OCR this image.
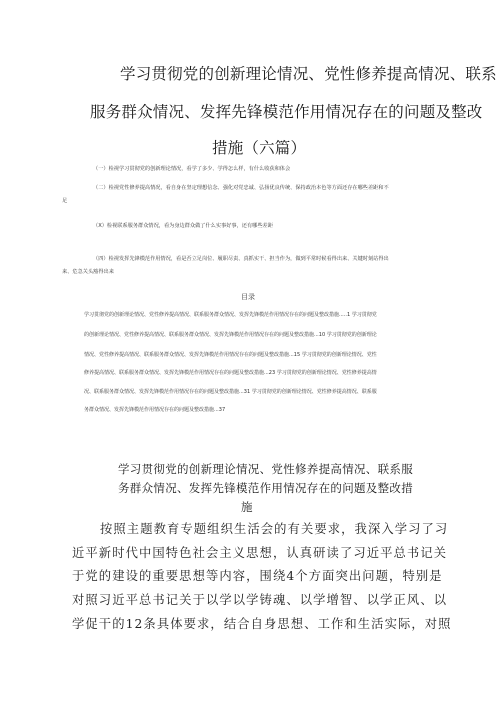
学习贯彻党的创新理论情况、党性修养提高情况、联系
服务群众情况、发挥先锋模范作用情况存在的问题及整改
措施（六篇）
（一）检视学习贯彻党的创新理论情况，看学了多少、学得怎么样，有什么收获和体会
（二）检视党性修养提高情况，看自身在坚定理想信念、强化对党忠诚、弘扬优良传统、保持政治本色等方面还存在哪些差距和不
足
（X）检视联系服务群众情况，看为身边群众做了什么实事好事，还有哪些差距
（四）检视发挥先锋模范作用情况，看是否立足岗位、履职尽责、真抓实干、担当作为，做到平常时候看得出来、关键时刻站得出
来、危急关头豁得出来
目录
学习贯彻党的创新理论情况、党性修养提高情况、联系服务群众情况、发挥先锋模范作用情况存在的问题及整改措施.....1 学习贯彻党
的创新理论情况、党性修养提高情况、联系服务群众情况、发挥先锋模范作用情况存在的问题及整改措施...10 学习贯彻党的创新理论
情况、党性修养提高情况、联系服务群众情况、发挥先锋模范作用情况存在的问题及整改措施...15 学习贯彻党的创新理论情况、党性
修养提高情况、联系服务群众情况、发挥先锋模范作用情况存在的问题及整改措施...23 学习贯彻党的创新理论情况、党性修养提高情
况、联系服务群众情况、发挥先锋模范作用情况存在的问题及整改措施...31 学习贯彻党的创新理论情况、党性修养提高情况、联系服
务群众情况、发挥先锋模范作用情况存在的问题及整改措施...37
学习贯彻党的创新理论情况、党性修养提高情况、联系服
务群众情况、发挥先锋模范作用情况存在的问题及整改措
施
按照主题教育专题组织生活会的有关要求，我深入学习了习
近平新时代中国特色社会主义思想，认真研读了习近平总书记关
于党的建设的重要思想等内容，围绕4个方面突出问题，特别是
对照习近平总书记关于以学以学铸魂、以学增智、以学正风、以
学促干的12条具体要求，结合自身思想、工作和生活实际，对照
